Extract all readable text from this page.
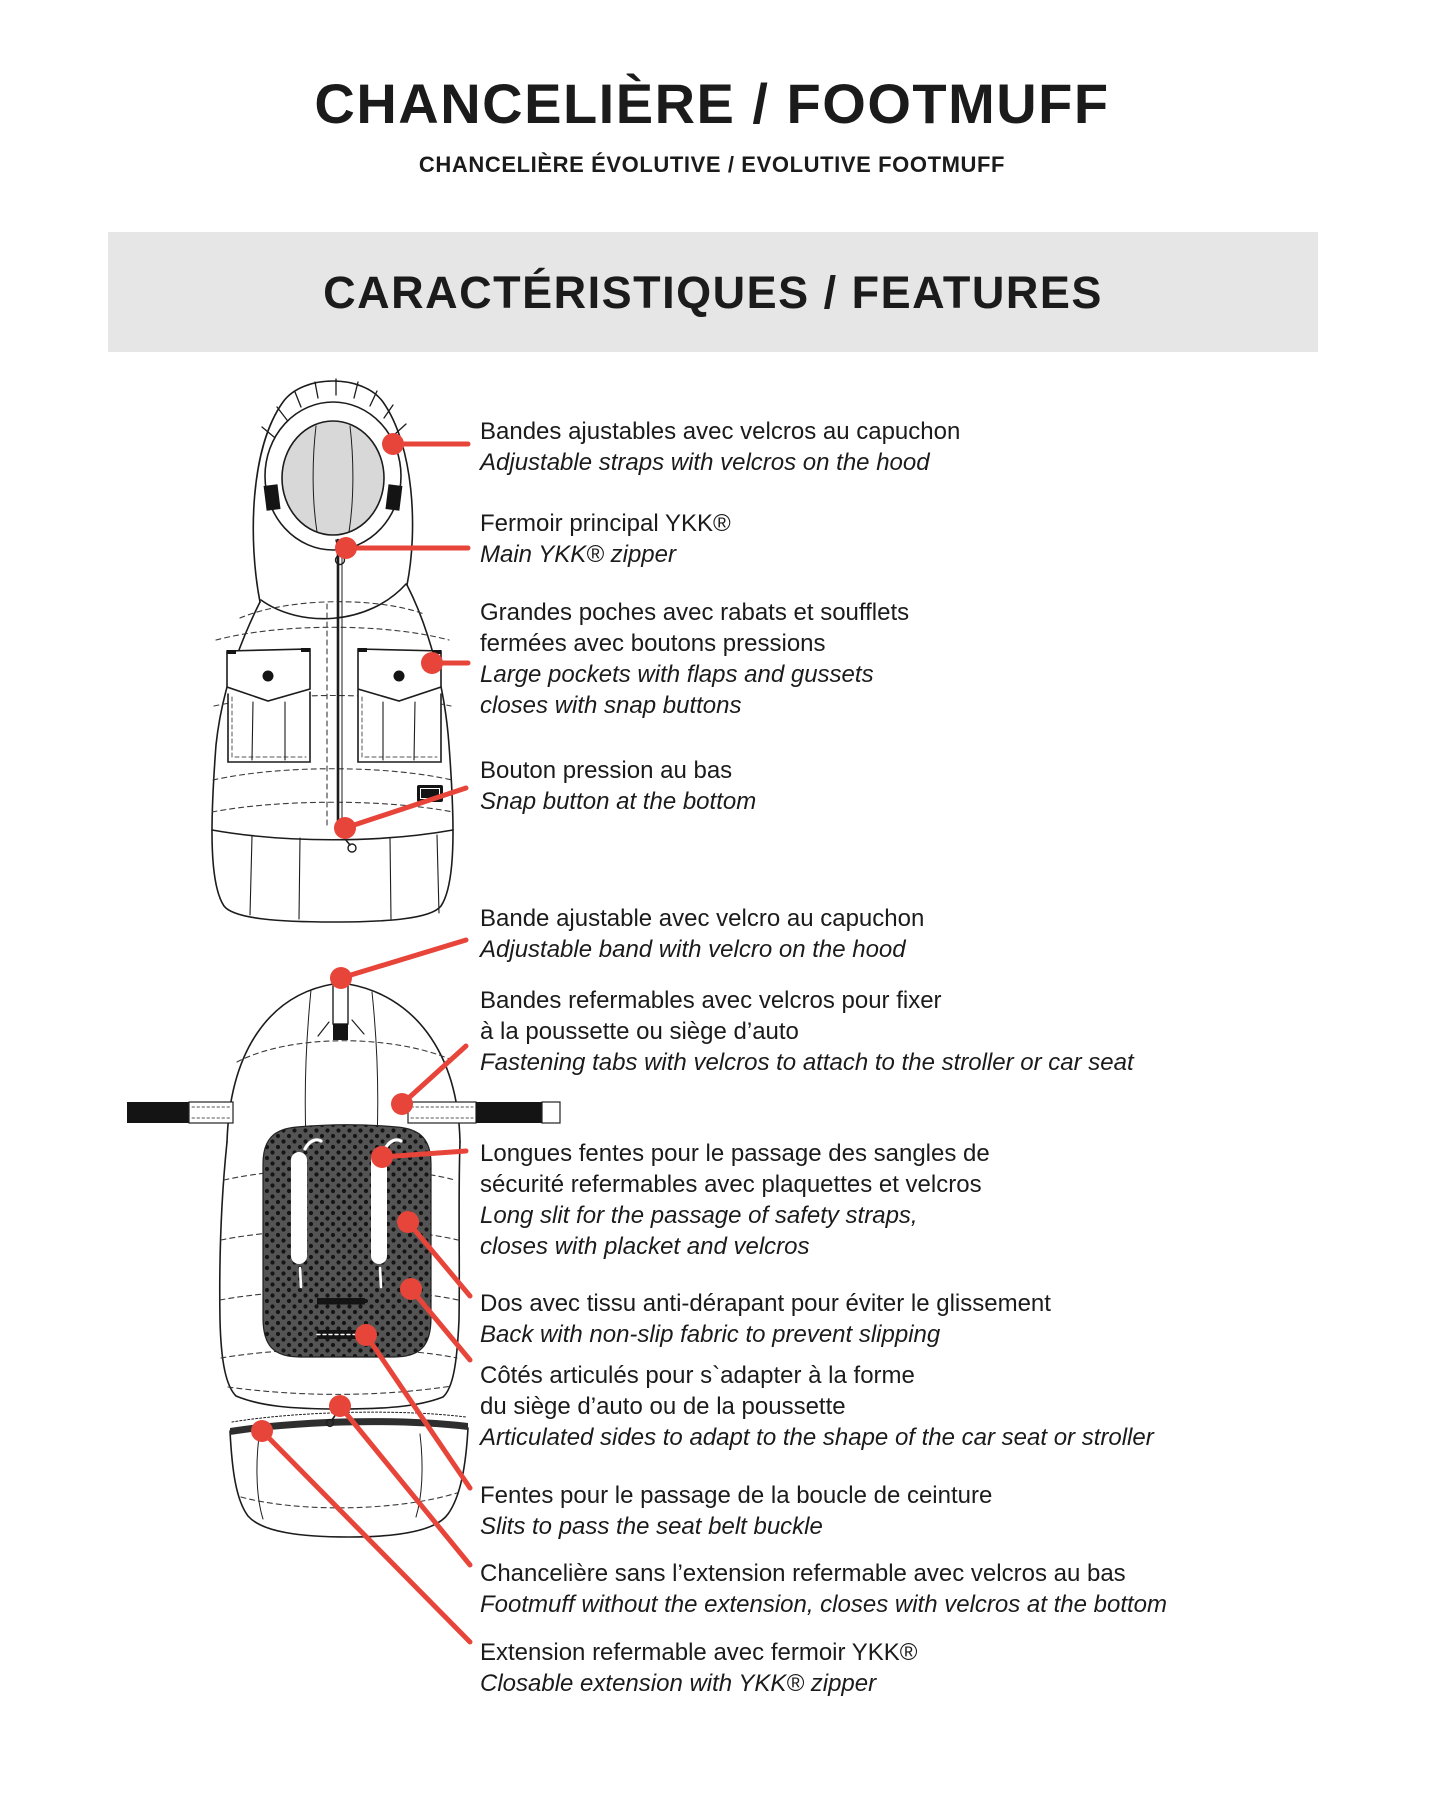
CHANCELIÈRE / FOOTMUFF
CHANCELIÈRE ÉVOLUTIVE / EVOLUTIVE FOOTMUFF
CARACTÉRISTIQUES / FEATURES
Bandes ajustables avec velcros au capuchon
Adjustable straps with velcros on the hood
Fermoir principal YKK®
Main YKK® zipper
Grandes poches avec rabats et soufflets
fermées avec boutons pressions
Large pockets with flaps and gussets
closes with snap buttons
Bouton pression au bas
Snap button at the bottom
Bande ajustable avec velcro au capuchon
Adjustable band with velcro on the hood
Bandes refermables avec velcros pour fixer
à la poussette ou siège d’auto
Fastening tabs with velcros to attach to the stroller or car seat
Longues fentes pour le passage des sangles de
sécurité refermables avec plaquettes et velcros
Long slit for the passage of safety straps,
closes with placket and velcros
Dos avec tissu anti-dérapant pour éviter le glissement
Back with non-slip fabric to prevent slipping
Côtés articulés pour s`adapter à la forme
du siège d’auto ou de la poussette
Articulated sides to adapt to the shape of the car seat or stroller
Fentes pour le passage de la boucle de ceinture
Slits to pass the seat belt buckle
Chancelière sans l’extension refermable avec velcros au bas
Footmuff without the extension, closes with velcros at the bottom
Extension refermable avec fermoir YKK®
Closable extension with YKK® zipper
